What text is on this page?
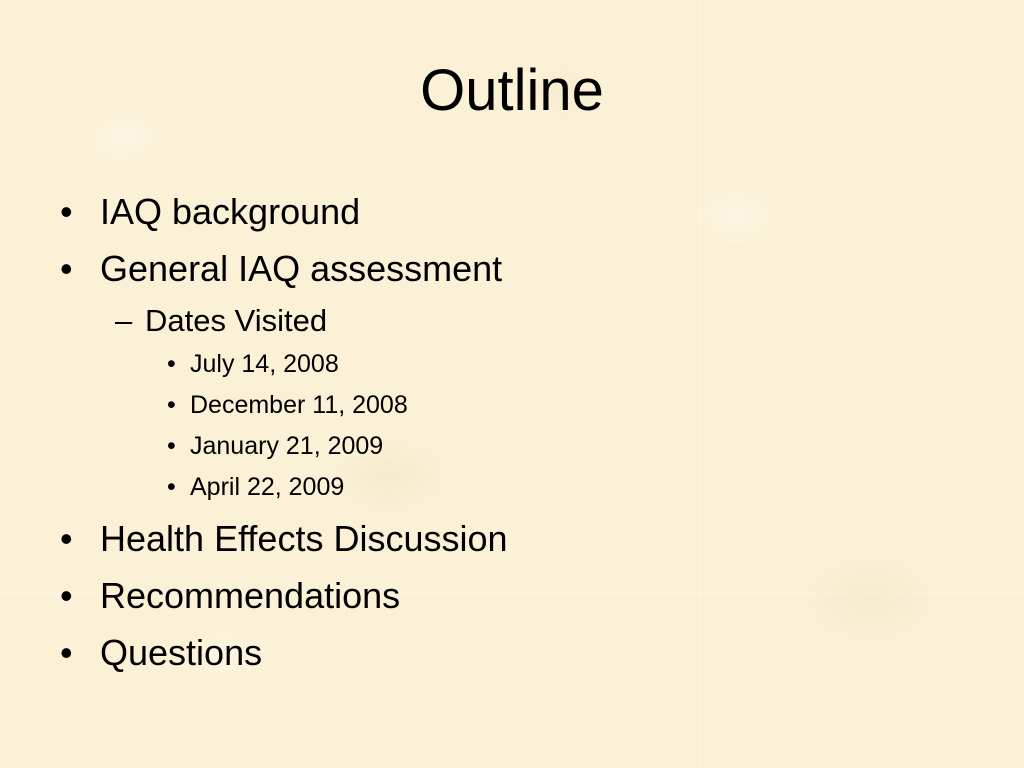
Outline
• IAQ background
• General IAQ assessment
– Dates Visited
• July 14, 2008
• December 11, 2008
• January 21, 2009
• April 22, 2009
• Health Effects Discussion
• Recommendations
• Questions
